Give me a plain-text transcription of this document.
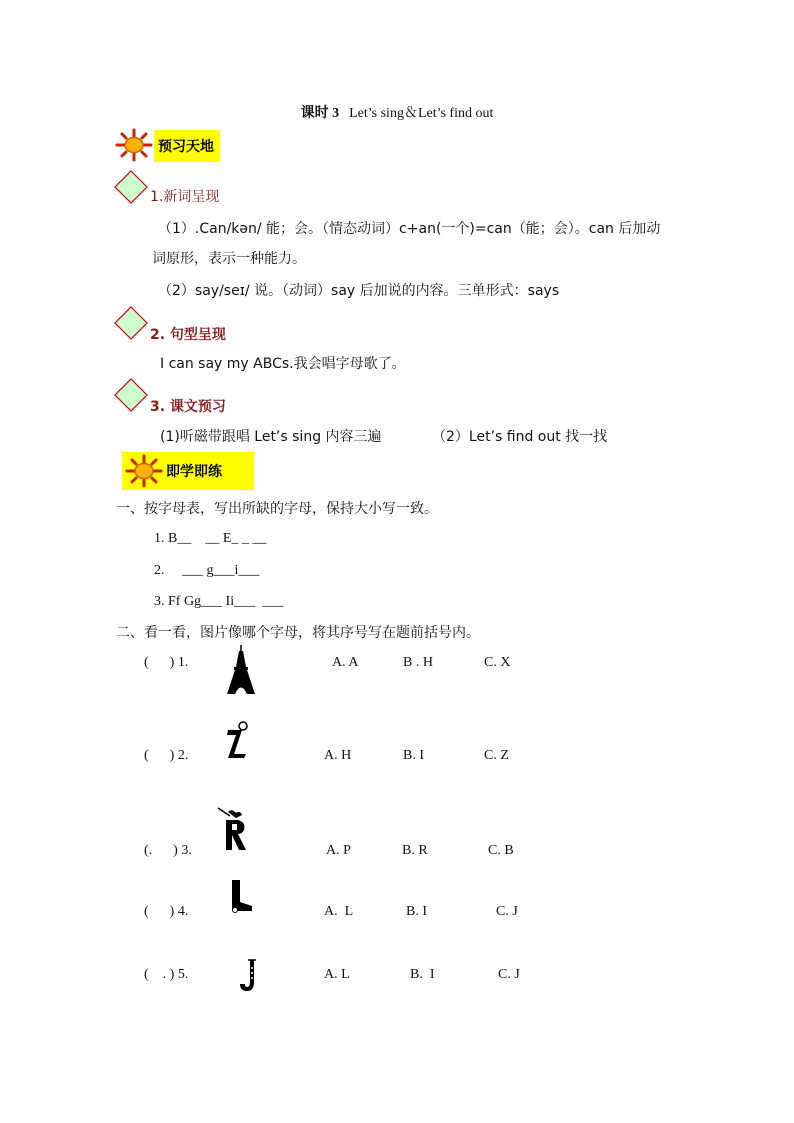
课时 3 Let’s sing＆Let’s find out
预习天地
1.新词呈现
（1）.Can/kən/ 能；会。（情态动词）c+an(一个)=can（能；会）。can 后加动
词原形，表示一种能力。
（2）say/seɪ/ 说。（动词）say 后加说的内容。三单形式：says
2. 句型呈现
I can say my ABCs.我会唱字母歌了。
3. 课文预习
(1)听磁带跟唱 Let’s sing 内容三遍	（2）Let’s find out 找一找
即学即练
一、按字母表，写出所缺的字母，保持大小写一致。
1. B__    __ E_ _ __
2.     ___ g___i___
3. Ff Gg___ Ii___  ___
二、看一看，图片像哪个字母，将其序号写在题前括号内。
(      ) 1.	A. A	B . H	C. X
(      ) 2.	A. H	B. I	C. Z
(.      ) 3.	A. P	B. R	C. B
(      ) 4.	A.  L	B. I	C. J
(    . ) 5.	A. L	B.  I	C. J
